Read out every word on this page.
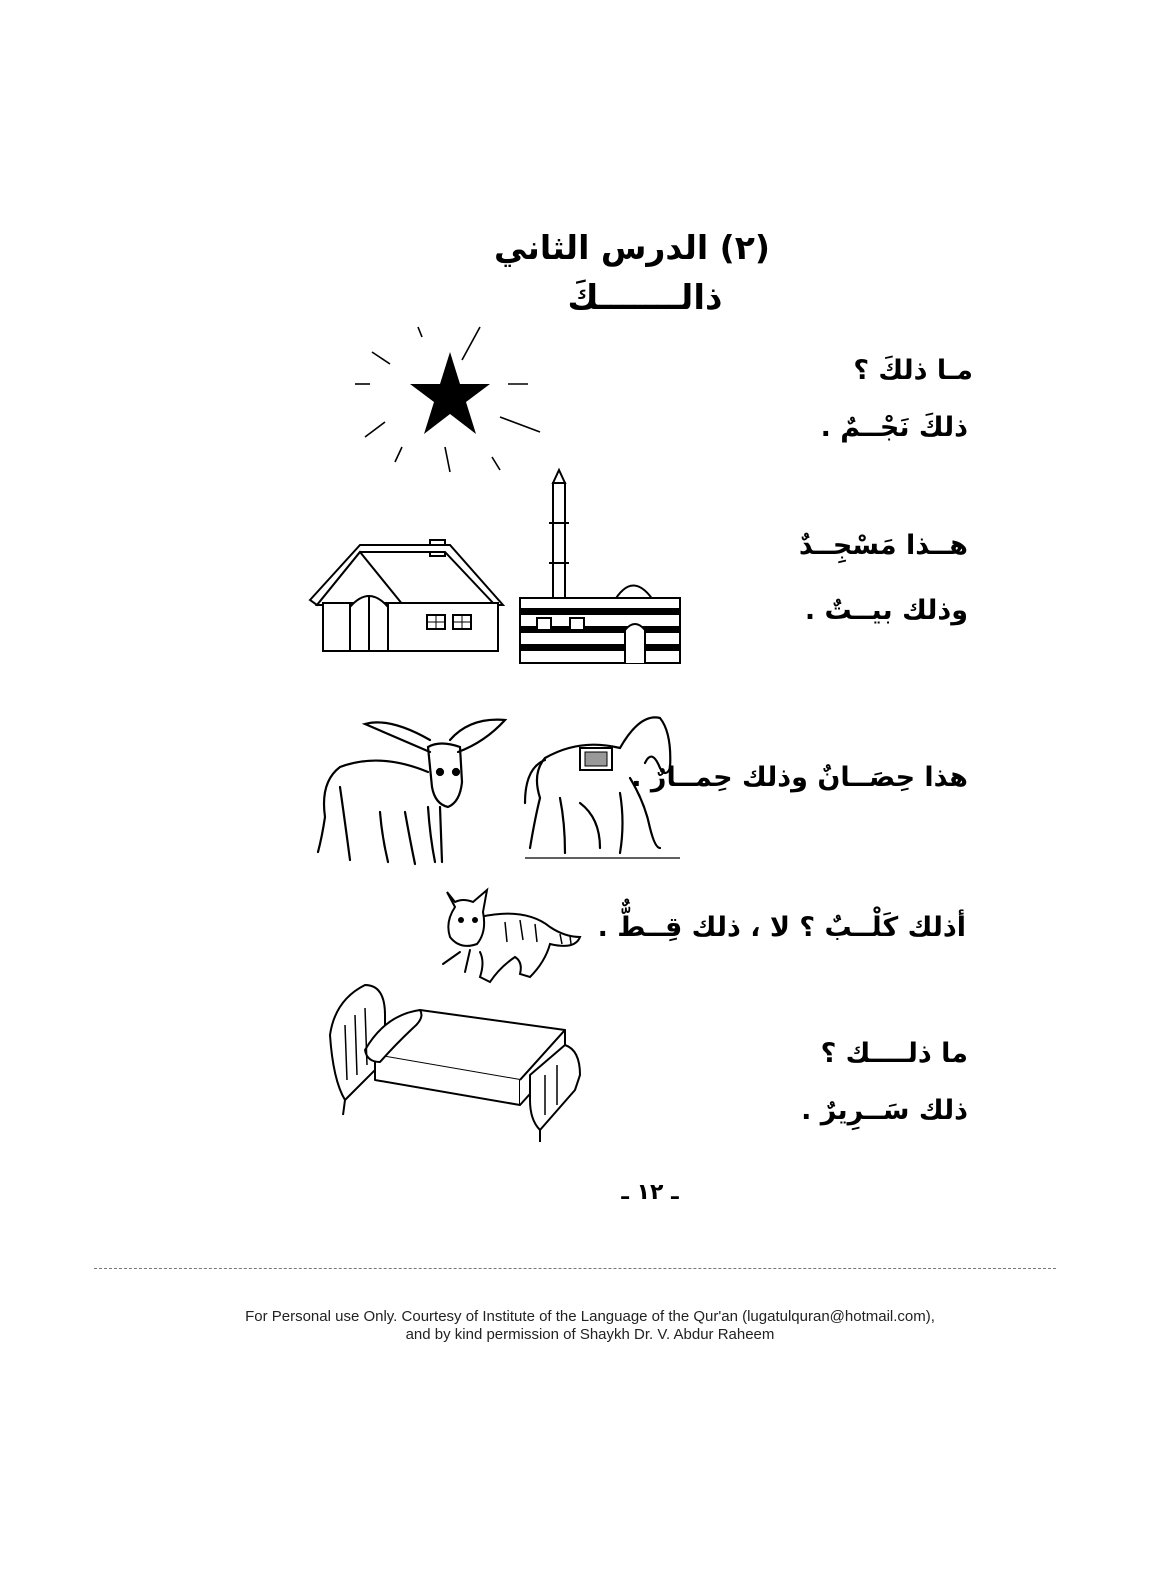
(٢) الدرس الثاني
ذالـــــــكَ
مـا ذلكَ ؟
ذلكَ نَجْــمٌ .
هــذا مَسْجِــدٌ
وذلك بيــتٌ .
هذا حِصَــانٌ وذلك حِمــارٌ .
أذلك كَلْــبٌ ؟ لا ، ذلك قِــطٌّ .
ما ذلــــك ؟
ذلك سَــرِيرٌ .
ـ ١٢ ـ
For Personal use Only. Courtesy of Institute of the Language of the Qur'an (lugatulquran@hotmail.com),
and by kind permission of Shaykh Dr. V. Abdur Raheem
